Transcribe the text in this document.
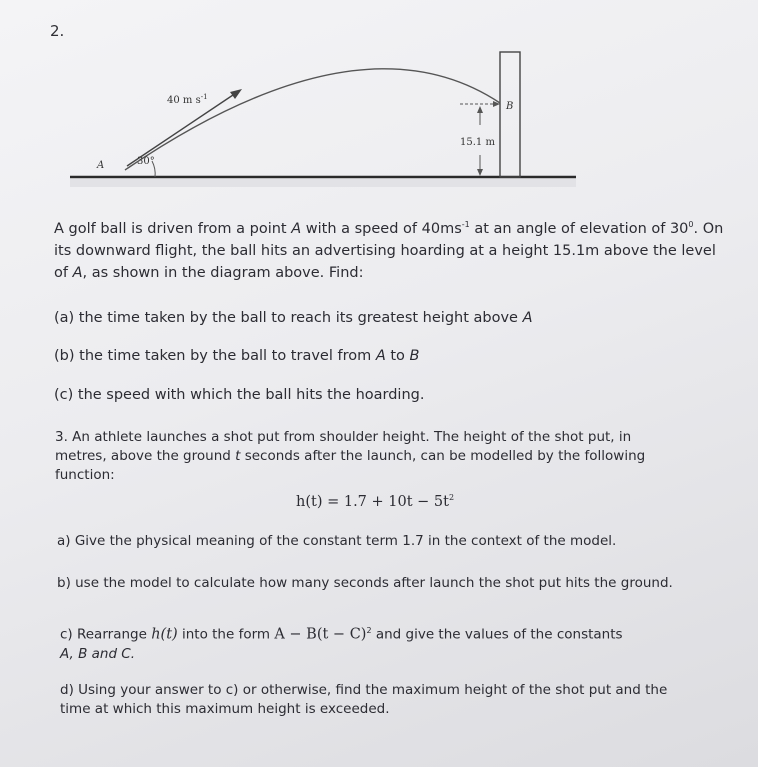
2.
40 m $s^{-1}$
30°
A
B
15.1 m
A golf ball is driven from a point A with a speed of $40ms^{-1}$ at an angle of elevation of $30^0$. On its downward flight, the ball hits an advertising hoarding at a height 15.1m above the level of A, as shown in the diagram above. Find:
(a) the time taken by the ball to reach its greatest height above A
(b) the time taken by the ball to travel from A to B
(c) the speed with which the ball hits the hoarding.
3. An athlete launches a shot put from shoulder height. The height of the shot put, in metres, above the ground t seconds after the launch, can be modelled by the following function:
$h(t) = 1.7 + 10t - 5t^2$
a) Give the physical meaning of the constant term 1.7 in the context of the model.
b) use the model to calculate how many seconds after launch the shot put hits the ground.
c) Rearrange h(t) into the form $A - B(t - C)^2$ and give the values of the constants
A, B and C.
d) Using your answer to c) or otherwise, find the maximum height of the shot put and the time at which this maximum height is exceeded.
